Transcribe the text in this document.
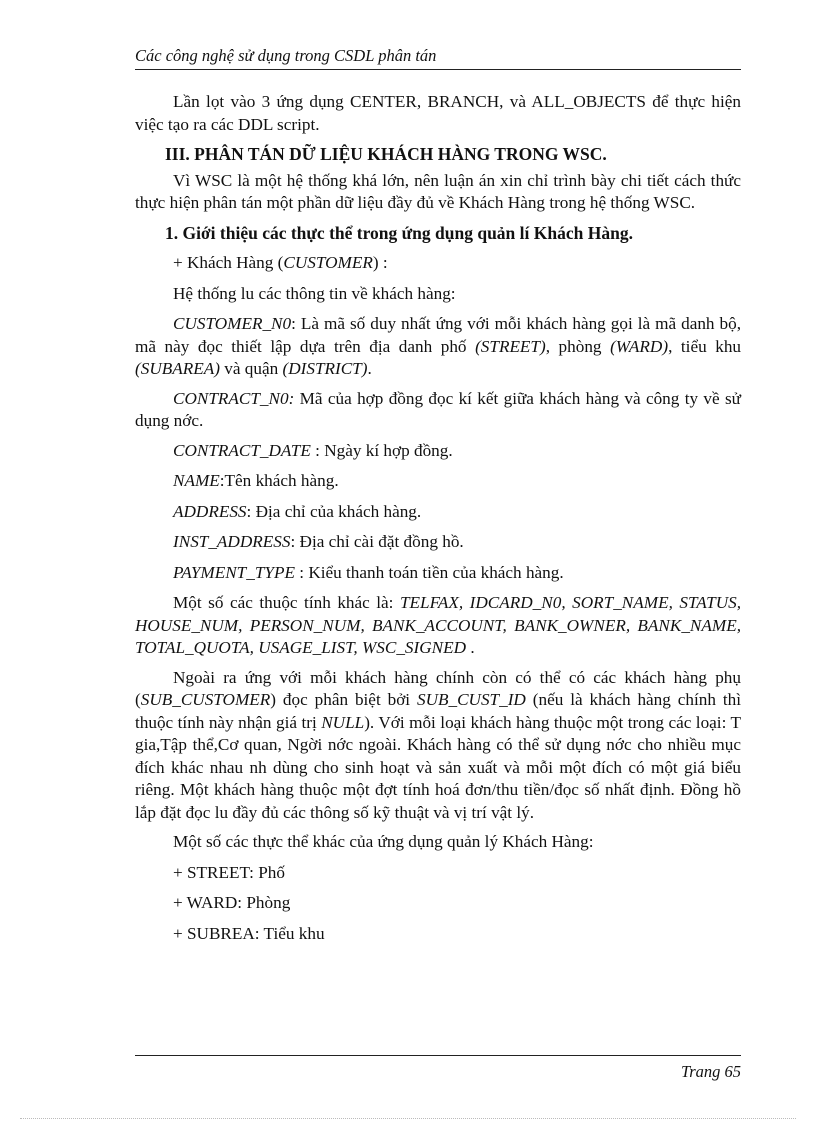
Các công nghệ sử dụng trong CSDL phân tán

Lần lọt vào 3 ứng dụng CENTER, BRANCH, và ALL_OBJECTS để thực hiện việc tạo ra các DDL script.

III. PHÂN TÁN DỮ LIỆU KHÁCH HÀNG TRONG WSC.

Vì WSC là một hệ thống khá lớn, nên luận án xin chỉ trình bày chi tiết cách thức thực hiện phân tán một phần dữ liệu đầy đủ về Khách Hàng trong hệ thống WSC.

1. Giới thiệu các thực thể trong ứng dụng quản lí Khách Hàng.

+ Khách Hàng (CUSTOMER) :

Hệ thống lu các thông tin về khách hàng:

CUSTOMER_N0: Là mã số duy nhất ứng với mỗi khách hàng gọi là mã danh bộ, mã này đọc thiết lập dựa trên địa danh phố (STREET), phòng (WARD), tiểu khu (SUBAREA) và quận (DISTRICT).

CONTRACT_N0: Mã của hợp đồng đọc kí kết giữa khách hàng và công ty về sử dụng nớc.

CONTRACT_DATE : Ngày kí hợp đồng.

NAME:Tên khách hàng.

ADDRESS: Địa chỉ của khách hàng.

INST_ADDRESS: Địa chỉ cài đặt đồng hồ.

PAYMENT_TYPE : Kiểu thanh toán tiền của khách hàng.

Một số các thuộc tính khác là: TELFAX, IDCARD_N0, SORT_NAME, STATUS, HOUSE_NUM, PERSON_NUM, BANK_ACCOUNT, BANK_OWNER, BANK_NAME, TOTAL_QUOTA, USAGE_LIST, WSC_SIGNED .

Ngoài ra ứng với mỗi khách hàng chính còn có thể có các khách hàng phụ (SUB_CUSTOMER) đọc phân biệt bởi SUB_CUST_ID (nếu là khách hàng chính thì thuộc tính này nhận giá trị NULL). Với mỗi loại khách hàng thuộc một trong các loại: T gia,Tập thể,Cơ quan, Ngời nớc ngoài. Khách hàng có thể sử dụng nớc cho nhiều mục đích khác nhau nh dùng cho sinh hoạt và sản xuất và mỗi một đích có một giá biểu riêng. Một khách hàng thuộc một đợt tính hoá đơn/thu tiền/đọc số nhất định. Đồng hồ lắp đặt đọc lu đầy đủ các thông số kỹ thuật và vị trí vật lý.

Một số các thực thể khác của ứng dụng quản lý Khách Hàng:

+ STREET: Phố

+ WARD: Phòng

+ SUBREA: Tiểu khu

Trang 65
